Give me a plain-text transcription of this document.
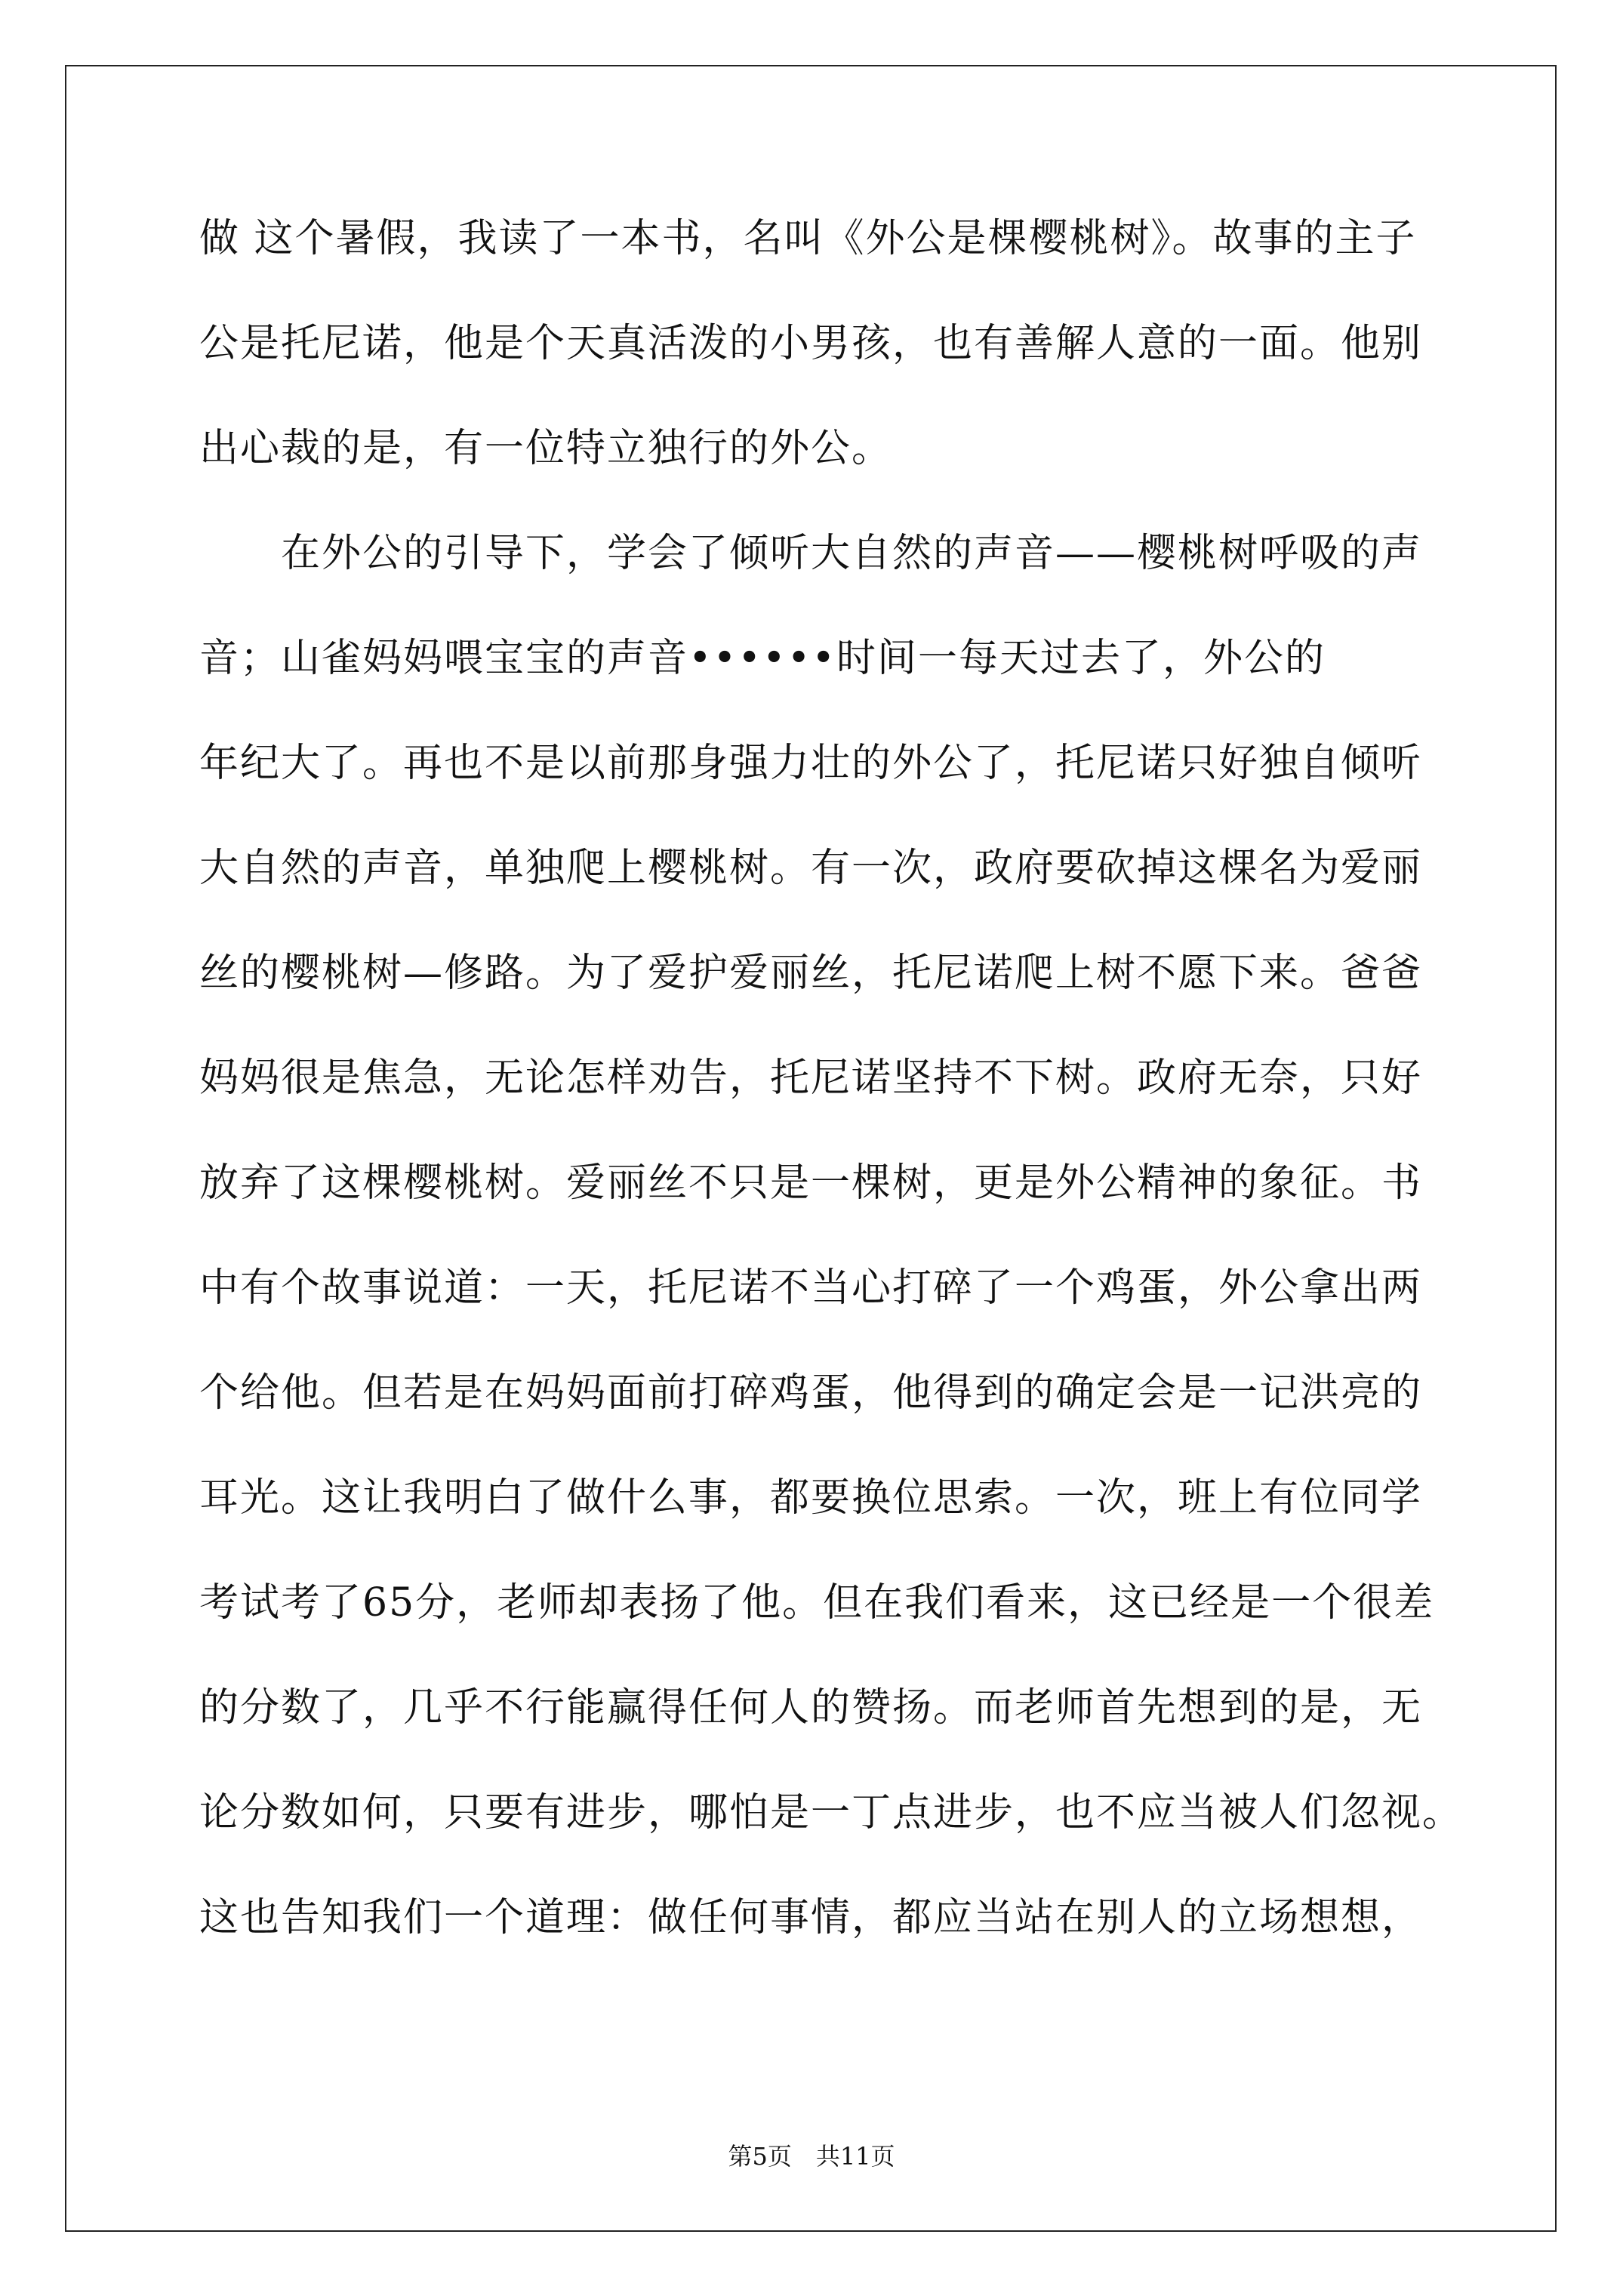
做 这个暑假，我读了一本书，名叫《外公是棵樱桃树》。故事的主子
公是托尼诺，他是个天真活泼的小男孩，也有善解人意的一面。他别
出心裁的是，有一位特立独行的外公。
　　在外公的引导下，学会了倾听大自然的声音——樱桃树呼吸的声
音；山雀妈妈喂宝宝的声音••••••时间一每天过去了，外公的
年纪大了。再也不是以前那身强力壮的外公了，托尼诺只好独自倾听
大自然的声音，单独爬上樱桃树。有一次，政府要砍掉这棵名为爱丽
丝的樱桃树—修路。为了爱护爱丽丝，托尼诺爬上树不愿下来。爸爸
妈妈很是焦急，无论怎样劝告，托尼诺坚持不下树。政府无奈，只好
放弃了这棵樱桃树。爱丽丝不只是一棵树，更是外公精神的象征。书
中有个故事说道：一天，托尼诺不当心打碎了一个鸡蛋，外公拿出两
个给他。但若是在妈妈面前打碎鸡蛋，他得到的确定会是一记洪亮的
耳光。这让我明白了做什么事，都要换位思索。一次，班上有位同学
考试考了65分，老师却表扬了他。但在我们看来，这已经是一个很差
的分数了，几乎不行能赢得任何人的赞扬。而老师首先想到的是，无
论分数如何，只要有进步，哪怕是一丁点进步，也不应当被人们忽视。
这也告知我们一个道理：做任何事情，都应当站在别人的立场想想，
第5页　共11页
